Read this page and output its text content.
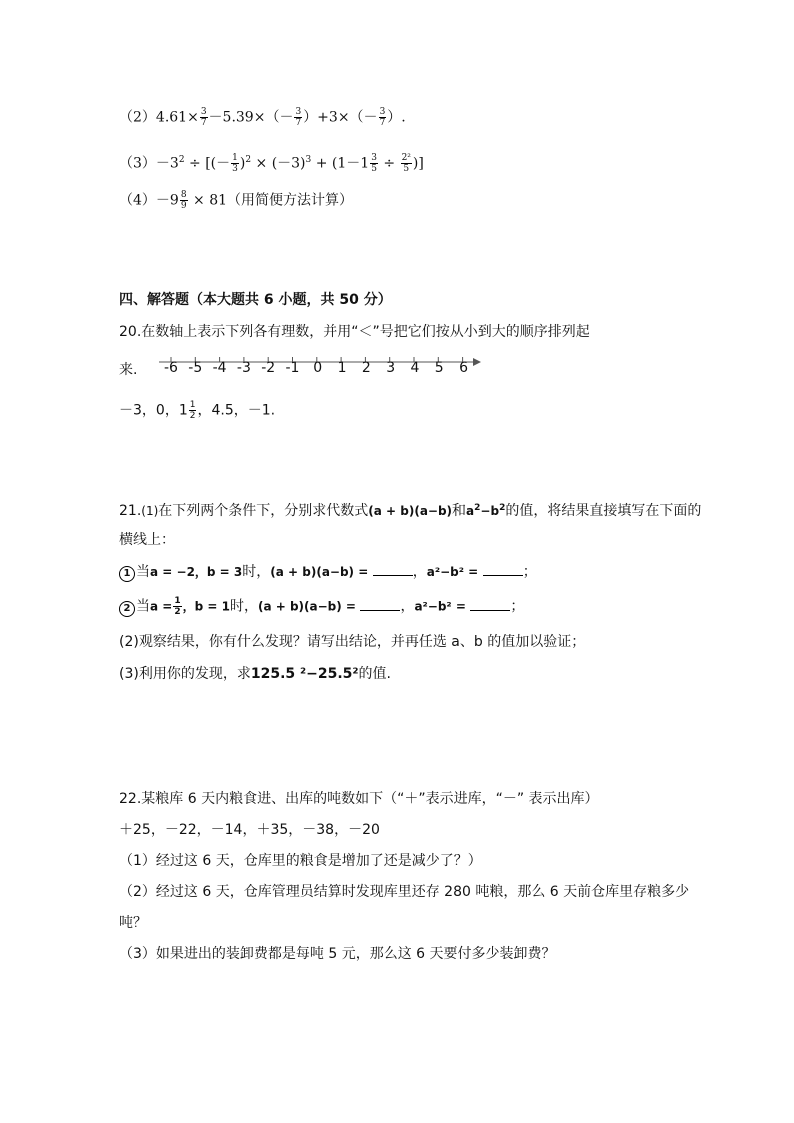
$(2)4.61\times \frac{3}{7} -5.39\times(- \frac{3}{7} )+3\times(- \frac{3}{7}$ ）.
$(3)-3^2$ ÷ [(－ $\frac{1}{3} )^2 \times (-3)^3 + (1-1 \frac{3}{5} \div \frac{\text{2²}}{5}$ )]
$(4)-9 \frac{8}{9} \times 81$（用简便方法计算）
四、解答题（本大题共 6 小题，共 50 分）
20.在数轴上表示下列各有理数，并用“＜”号把它们按从小到大的顺序排列起
来. -6 -5 -4 -3 -2 -1 0 1 2 3 4 5 6
－3，0，$1 \frac{1}{2}$ ，4.5，－1.
21.(1)在下列两个条件下，分别求代数式(a + b)(a−b)和$a^2-b^2$的值，将结果直接填写在下面的
横线上：
1 当a = −2，b = 3时，(a + b)(a−b) =	，a²−b² =	；
2 当$a = \frac{1}{2}$ ，b = 1时，(a + b)(a−b) =	，a²−b² =	；
(2)观察结果，你有什么发现？请写出结论，并再任选 a、b 的值加以验证；
(3)利用你的发现，求125.5 ²−25.5²的值.
22.某粮库 6 天内粮食进、出库的吨数如下（“＋”表示进库，“－” 表示出库）
＋25，－22，－14，＋35，－38，－20
（1）经过这 6 天，仓库里的粮食是增加了还是减少了？）
（2）经过这 6 天，仓库管理员结算时发现库里还存 280 吨粮，那么 6 天前仓库里存粮多少
吨？
（3）如果进出的装卸费都是每吨 5 元，那么这 6 天要付多少装卸费？
